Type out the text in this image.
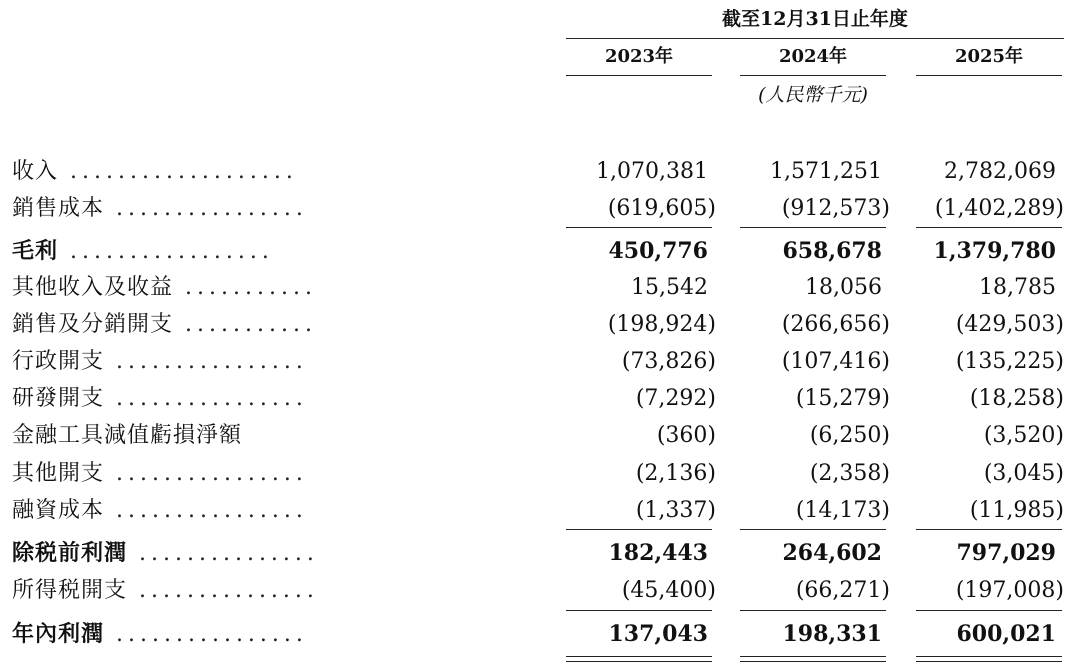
截至12月31日止年度
2023年	2024年	2025年
(人民幣千元)
收入 ...................	1,070,381	1,571,251	2,782,069
銷售成本 ................	(619,605)	(912,573)	(1,402,289)
毛利 .................	450,776	658,678	1,379,780
其他收入及收益 ...........	15,542	18,056	18,785
銷售及分銷開支 ...........	(198,924)	(266,656)	(429,503)
行政開支 ................	(73,826)	(107,416)	(135,225)
研發開支 ................	(7,292)	(15,279)	(18,258)
金融工具減值虧損淨額	(360)	(6,250)	(3,520)
其他開支 ................	(2,136)	(2,358)	(3,045)
融資成本 ................	(1,337)	(14,173)	(11,985)
除税前利潤 ...............	182,443	264,602	797,029
所得税開支 ...............	(45,400)	(66,271)	(197,008)
年內利潤 ................	137,043	198,331	600,021
